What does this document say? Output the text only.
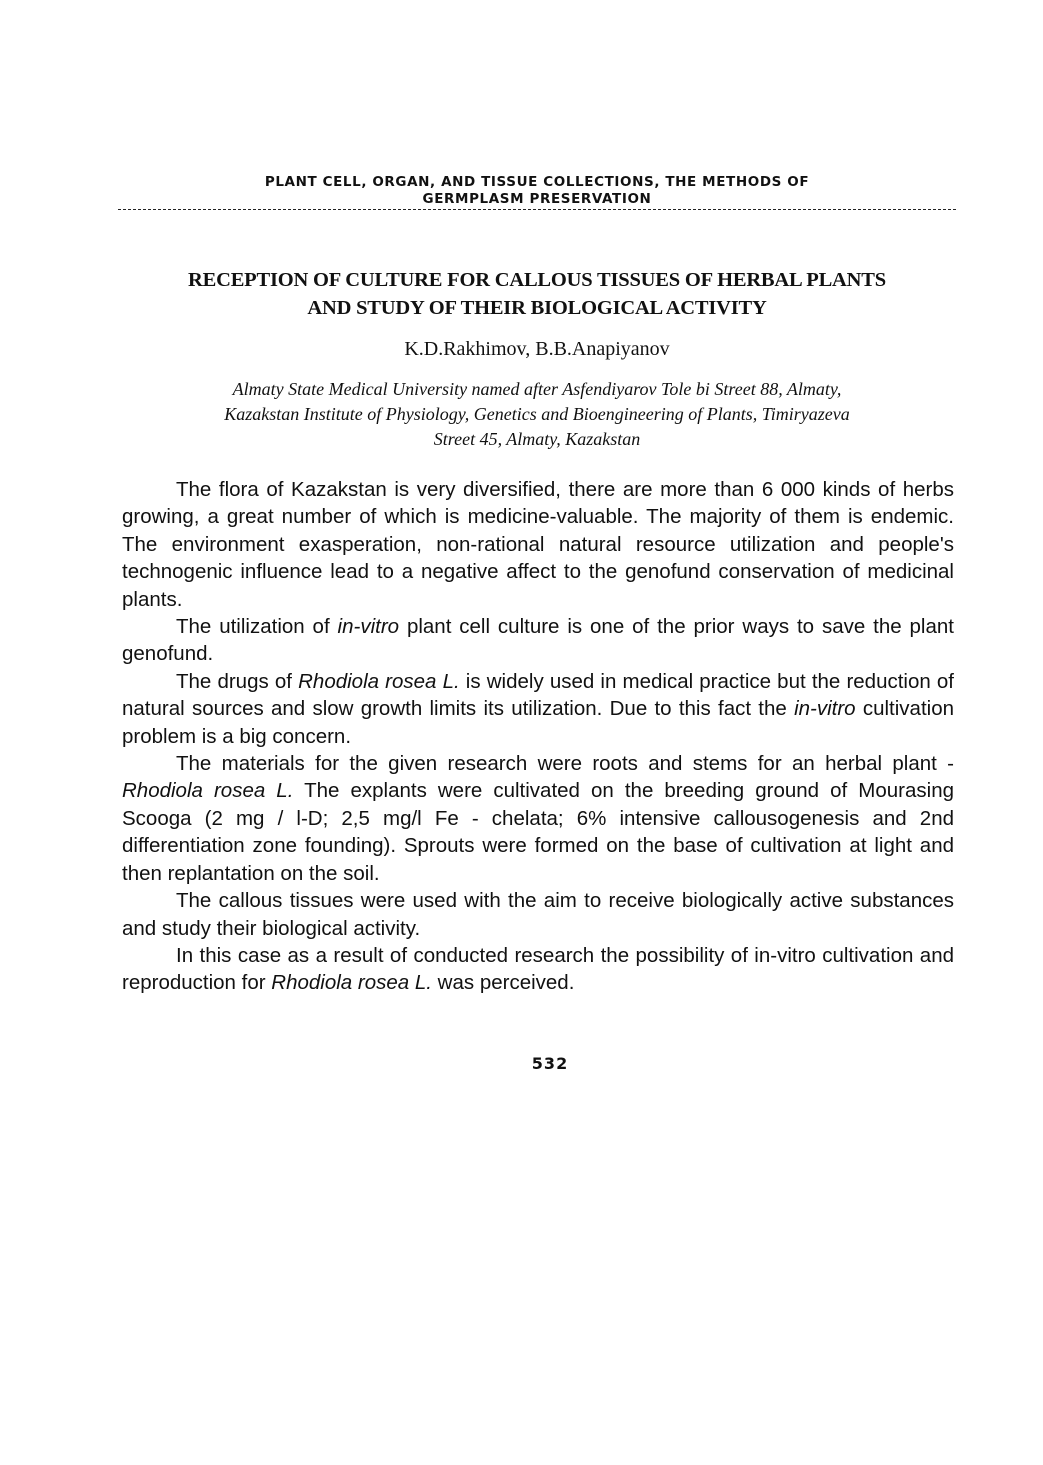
PLANT CELL, ORGAN, AND TISSUE COLLECTIONS, THE METHODS OF
GERMPLASM PRESERVATION
RECEPTION OF CULTURE FOR CALLOUS TISSUES OF HERBAL PLANTS
AND STUDY OF THEIR BIOLOGICAL ACTIVITY
K.D.Rakhimov, B.B.Anapiyanov
Almaty State Medical University named after Asfendiyarov Tole bi Street 88, Almaty,
Kazakstan Institute of Physiology, Genetics and Bioengineering of Plants, Timiryazeva
Street 45, Almaty, Kazakstan

The flora of Kazakstan is very diversified, there are more than 6 000 kinds of herbs growing, a great number of which is medicine-valuable. The majority of them is endemic. The environment exasperation, non-rational natural resource utilization and people's technogenic influence lead to a negative affect to the genofund conservation of medicinal plants.

The utilization of in-vitro plant cell culture is one of the prior ways to save the plant genofund.

The drugs of Rhodiola rosea L. is widely used in medical practice but the reduction of natural sources and slow growth limits its utilization. Due to this fact the in-vitro cultivation problem is a big concern.

The materials for the given research were roots and stems for an herbal plant - Rhodiola rosea L. The explants were cultivated on the breeding ground of Mourasing Scooga (2 mg / l-D; 2,5 mg/l Fe - chelata; 6% intensive callousogenesis and 2nd differentiation zone founding). Sprouts were formed on the base of cultivation at light and then replantation on the soil.

The callous tissues were used with the aim to receive biologically active substances and study their biological activity.

In this case as a result of conducted research the possibility of in-vitro cultivation and reproduction for Rhodiola rosea L. was perceived.

532
